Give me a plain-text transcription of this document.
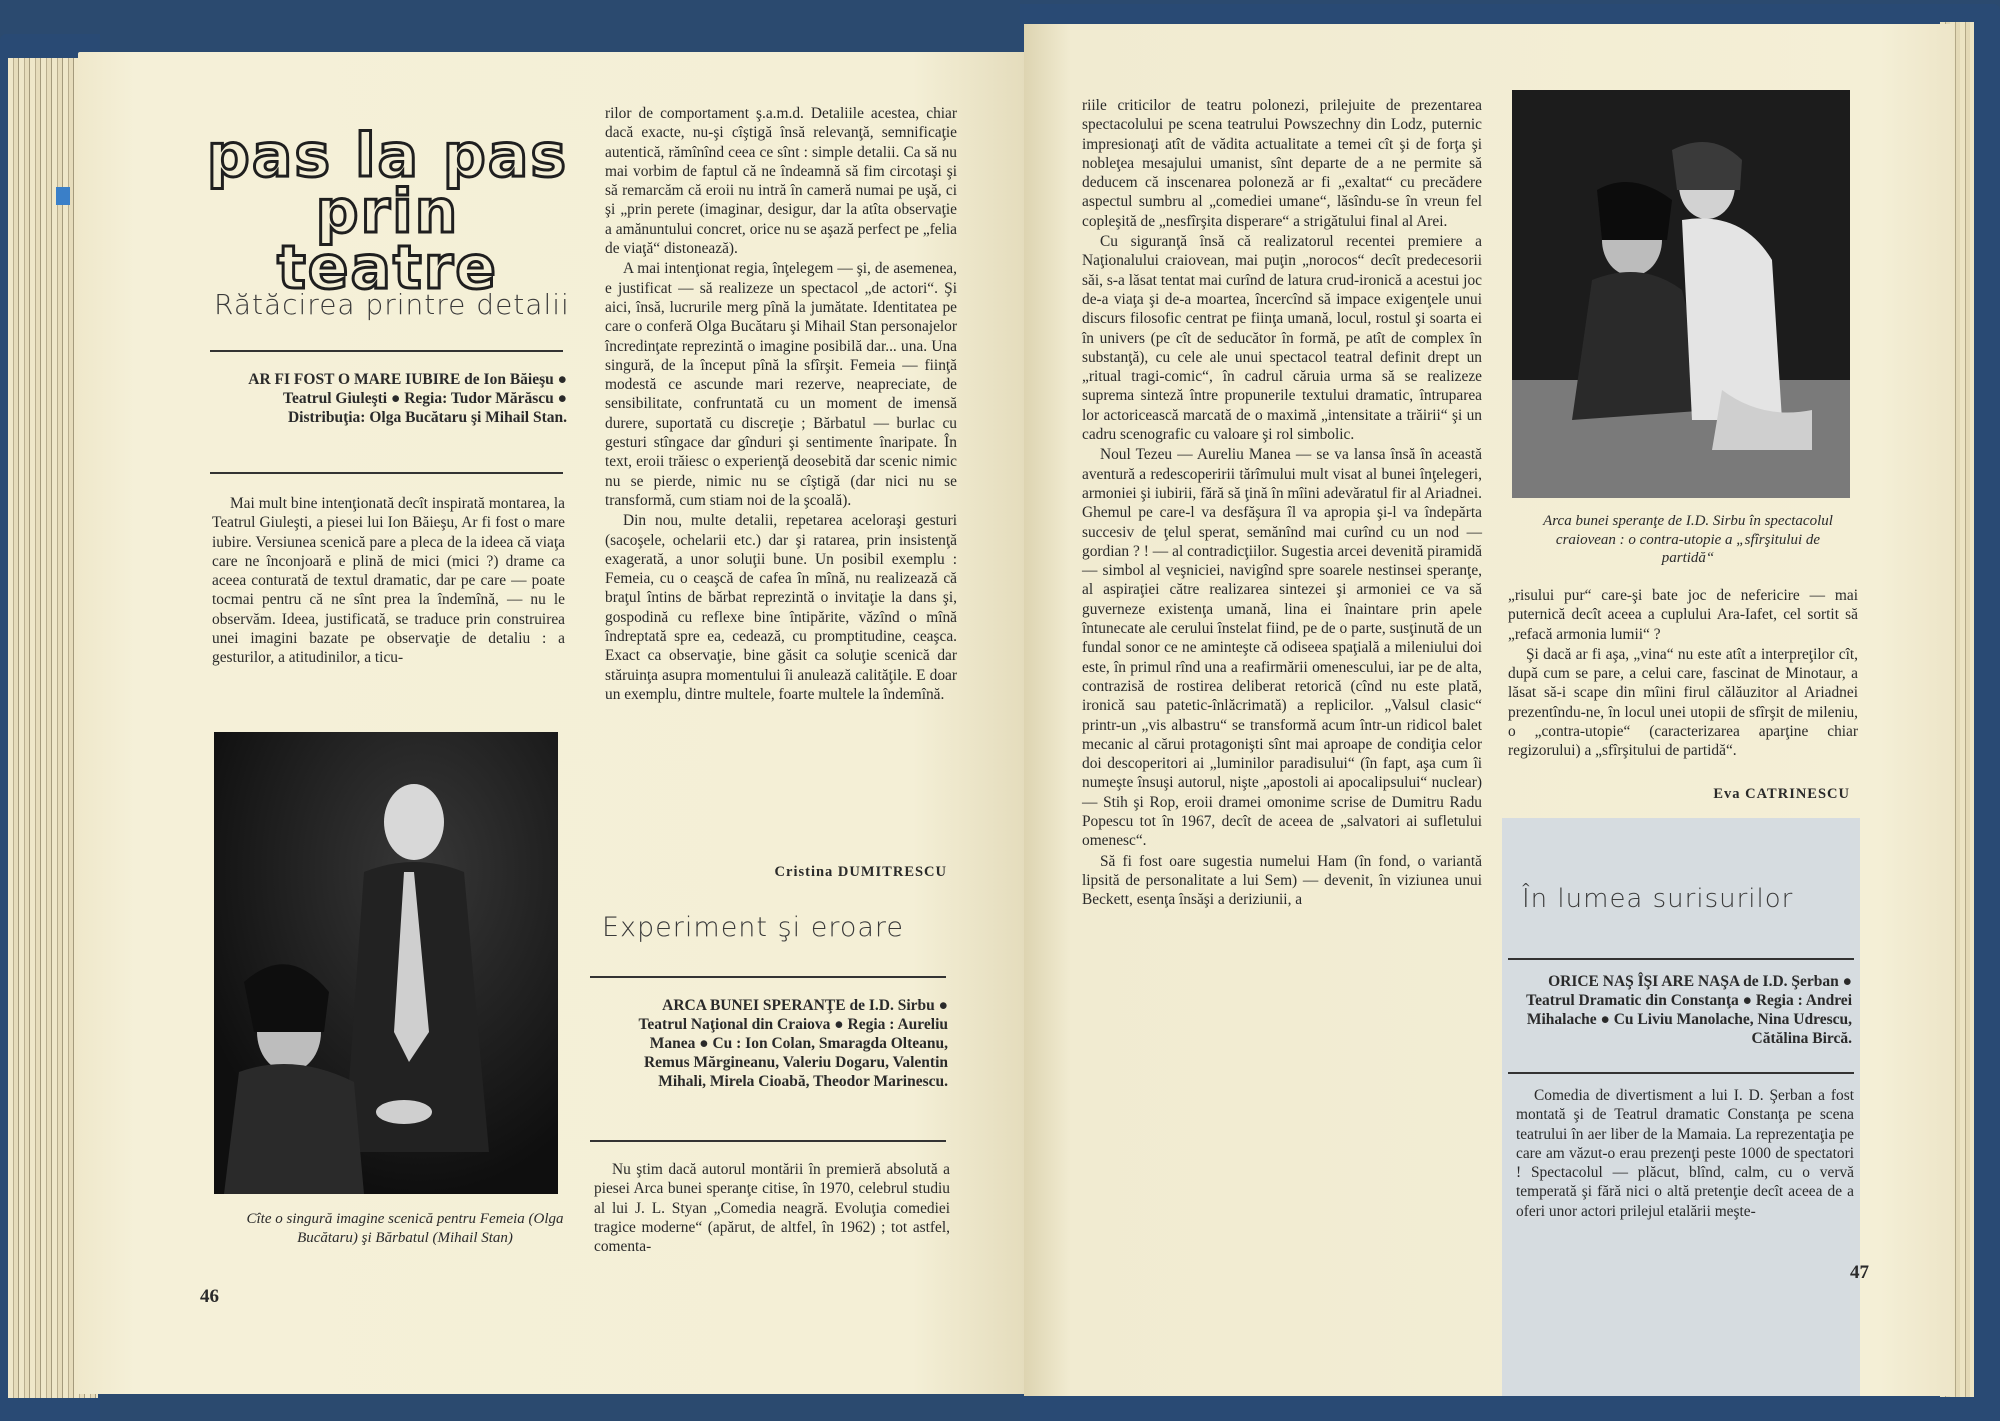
pas la pas
prin teatre
Rătăcirea printre detalii
AR FI FOST O MARE IUBIRE de Ion Băieşu ● Teatrul Giuleşti ● Regia: Tudor Mărăscu ● Distribuţia: Olga Bucătaru şi Mihail Stan.

Mai mult bine intenţionată decît inspirată montarea, la Teatrul Giuleşti, a piesei lui Ion Băieşu, Ar fi fost o mare iubire. Versiunea scenică pare a pleca de la ideea că viaţa care ne înconjoară e plină de mici (mici ?) drame ca aceea conturată de textul dramatic, dar pe care — poate tocmai pentru că ne sînt prea la îndemînă, — nu le observăm. Ideea, justificată, se traduce prin construirea unei imagini bazate pe observaţie de detaliu : a gesturilor, a atitudinilor, a ticu-

Cîte o singură imagine scenică pentru Femeia (Olga Bucătaru) şi Bărbatul (Mihail Stan)
46

rilor de comportament ş.a.m.d. Detaliile acestea, chiar dacă exacte, nu-şi cîştigă însă relevanţă, semnificaţie autentică, rămînînd ceea ce sînt : simple detalii. Ca să nu mai vorbim de faptul că ne îndeamnă să fim circotaşi şi să remarcăm că eroii nu intră în cameră numai pe uşă, ci şi „prin perete (imaginar, desigur, dar la atîta observaţie a amănuntului concret, orice nu se aşază perfect pe „felia de viaţă“ distonează).

A mai intenţionat regia, înţelegem — şi, de asemenea, e justificat — să realizeze un spectacol „de actori“. Şi aici, însă, lucrurile merg pînă la jumătate. Identitatea pe care o conferă Olga Bucătaru şi Mihail Stan personajelor încredinţate reprezintă o imagine posibilă dar... una. Una singură, de la început pînă la sfîrşit. Femeia — fiinţă modestă ce ascunde mari rezerve, neapreciate, de sensibilitate, confruntată cu un moment de imensă durere, suportată cu discreţie ; Bărbatul — burlac cu gesturi stîngace dar gînduri şi sentimente înaripate. În text, eroii trăiesc o experienţă deosebită dar scenic nimic nu se pierde, nimic nu se cîştigă (dar nici nu se transformă, cum stiam noi de la şcoală).

Din nou, multe detalii, repetarea aceloraşi gesturi (sacoşele, ochelarii etc.) dar şi ratarea, prin insistenţă exagerată, a unor soluţii bune. Un posibil exemplu : Femeia, cu o ceaşcă de cafea în mînă, nu realizează că braţul întins de bărbat reprezintă o invitaţie la dans şi, gospodină cu reflexe bine întipărite, văzînd o mînă îndreptată spre ea, cedează, cu promptitudine, ceaşca. Exact ca observaţie, bine găsit ca soluţie scenică dar stăruinţa asupra momentului îi anulează calităţile. E doar un exemplu, dintre multele, foarte multele la îndemînă.

Cristina DUMITRESCU
Experiment şi eroare
ARCA BUNEI SPERANŢE de I.D. Sirbu ● Teatrul Naţional din Craiova ● Regia : Aureliu Manea ● Cu : Ion Colan, Smaragda Olteanu, Remus Mărgineanu, Valeriu Dogaru, Valentin Mihali, Mirela Cioabă, Theodor Marinescu.

Nu ştim dacă autorul montării în premieră absolută a piesei Arca bunei speranţe citise, în 1970, celebrul studiu al lui J. L. Styan „Comedia neagră. Evoluţia comediei tragice moderne“ (apărut, de altfel, în 1962) ; tot astfel, comenta-

riile criticilor de teatru polonezi, prilejuite de prezentarea spectacolului pe scena teatrului Powszechny din Lodz, puternic impresionaţi atît de vădita actualitate a temei cît şi de forţa şi nobleţea mesajului umanist, sînt departe de a ne permite să deducem că inscenarea poloneză ar fi „exaltat“ cu precădere aspectul sumbru al „comediei umane“, lăsîndu-se în vreun fel copleşită de „nesfîrşita disperare“ a strigătului final al Arei.

Cu siguranţă însă că realizatorul recentei premiere a Naţionalului craiovean, mai puţin „norocos“ decît predecesorii săi, s-a lăsat tentat mai curînd de latura crud-ironică a acestui joc de-a viaţa şi de-a moartea, încercînd să impace exigenţele unui discurs filosofic centrat pe fiinţa umană, locul, rostul şi soarta ei în univers (pe cît de seducător în formă, pe atît de complex în substanţă), cu cele ale unui spectacol teatral definit drept un „ritual tragi-comic“, în cadrul căruia urma să se realizeze suprema sinteză între propunerile textului dramatic, întruparea lor actoricească marcată de o maximă „intensitate a trăirii“ şi un cadru scenografic cu valoare şi rol simbolic.

Noul Tezeu — Aureliu Manea — se va lansa însă în această aventură a redescoperirii tărîmului mult visat al bunei înţelegeri, armoniei şi iubirii, fără să ţină în mîini adevăratul fir al Ariadnei. Ghemul pe care-l va desfăşura îl va apropia şi-l va îndepărta succesiv de ţelul sperat, semănînd mai curînd cu un nod — gordian ? ! — al contradicţiilor. Sugestia arcei devenită piramidă — simbol al veşniciei, navigînd spre soarele nestinsei speranţe, al aspiraţiei către realizarea sintezei şi armoniei ce va să guverneze existenţa umană, lina ei înaintare prin apele întunecate ale cerului înstelat fiind, pe de o parte, susţinută de un fundal sonor ce ne aminteşte că odiseea spaţială a mileniului doi este, în primul rînd una a reafirmării omenescului, iar pe de alta, contrazisă de rostirea deliberat retorică (cînd nu este plată, ironică sau patetic-înlăcrimată) a replicilor. „Valsul clasic“ printr-un „vis albastru“ se transformă acum într-un ridicol balet mecanic al cărui protagonişti sînt mai aproape de condiţia celor doi descoperitori ai „luminilor paradisului“ (în fapt, aşa cum îi numeşte însuşi autorul, nişte „apostoli ai apocalipsului“ nuclear) — Stih şi Rop, eroii dramei omonime scrise de Dumitru Radu Popescu tot în 1967, decît de aceea de „salvatori ai sufletului omenesc“.

Să fi fost oare sugestia numelui Ham (în fond, o variantă lipsită de personalitate a lui Sem) — devenit, în viziunea unui Beckett, esenţa însăşi a deriziunii, a

Arca bunei speranţe de I.D. Sirbu în spectacolul craiovean : o contra-utopie a „sfîrşitului de partidă“

„risului pur“ care-şi bate joc de nefericire — mai puternică decît aceea a cuplului Ara-Iafet, cel sortit să „refacă armonia lumii“ ?

Şi dacă ar fi aşa, „vina“ nu este atît a interpreţilor cît, după cum se pare, a celui care, fascinat de Minotaur, a lăsat să-i scape din mîini firul călăuzitor al Ariadnei prezentîndu-ne, în locul unei utopii de sfîrşit de mileniu, o „contra-utopie“ (caracterizarea aparţine chiar regizorului) a „sfîrşitului de partidă“.

Eva CATRINESCU
În lumea surisurilor
ORICE NAŞ ÎŞI ARE NAŞA de I.D. Şerban ● Teatrul Dramatic din Constanţa ● Regia : Andrei Mihalache ● Cu Liviu Manolache, Nina Udrescu, Cătălina Bircă.

Comedia de divertisment a lui I. D. Şerban a fost montată şi de Teatrul dramatic Constanţa pe scena teatrului în aer liber de la Mamaia. La reprezentaţia pe care am văzut-o erau prezenţi peste 1000 de spectatori ! Spectacolul — plăcut, blînd, calm, cu o vervă temperată şi fără nici o altă pretenţie decît aceea de a oferi unor actori prilejul etalării meşte-

47
